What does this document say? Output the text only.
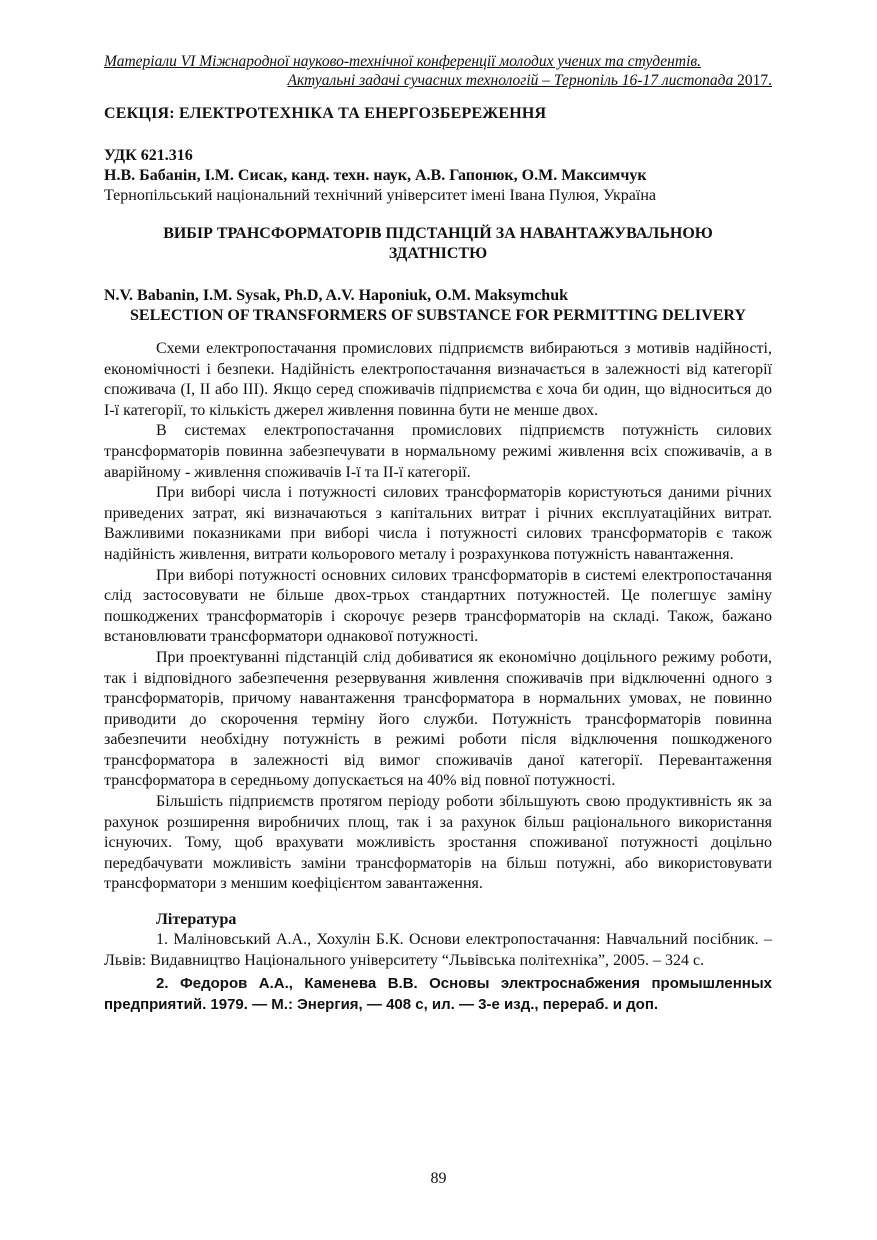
Матеріали VI Міжнародної науково-технічної конференції молодих учених та студентів.
Актуальні задачі сучасних технологій – Тернопіль 16-17 листопада 2017.
СЕКЦІЯ: ЕЛЕКТРОТЕХНІКА ТА ЕНЕРГОЗБЕРЕЖЕННЯ
УДК 621.316
Н.В. Бабанін, І.М. Сисак, канд. техн. наук, А.В. Гапонюк, О.М. Максимчук
Тернопільський національний технічний університет імені Івана Пулюя, Україна
ВИБІР ТРАНСФОРМАТОРІВ ПІДСТАНЦІЙ ЗА НАВАНТАЖУВАЛЬНОЮ ЗДАТНІСТЮ
N.V. Babanin, I.M. Sysak, Ph.D, A.V. Haponiuk, O.M. Maksymchuk
SELECTION OF TRANSFORMERS OF SUBSTANCE FOR PERMITTING DELIVERY

Схеми електропостачання промислових підприємств вибираються з мотивів надійності, економічності і безпеки. Надійність електропостачання визначається в залежності від категорії споживача (І, ІІ або ІІІ). Якщо серед споживачів підприємства є хоча би один, що відноситься до І-ї категорії, то кількість джерел живлення повинна бути не менше двох.

В системах електропостачання промислових підприємств потужність силових трансформаторів повинна забезпечувати в нормальному режимі живлення всіх споживачів, а в аварійному - живлення споживачів І-ї та ІІ-ї категорії.

При виборі числа і потужності силових трансформаторів користуються даними річних приведених затрат, які визначаються з капітальних витрат і річних експлуатаційних витрат. Важливими показниками при виборі числа і потужності силових трансформаторів є також надійність живлення, витрати кольорового металу і розрахункова потужність навантаження.

При виборі потужності основних силових трансформаторів в системі електропостачання слід застосовувати не більше двох-трьох стандартних потужностей. Це полегшує заміну пошкоджених трансформаторів і скорочує резерв трансформаторів на складі. Також, бажано встановлювати трансформатори однакової потужності.

При проектуванні підстанцій слід добиватися як економічно доцільного режиму роботи, так і відповідного забезпечення резервування живлення споживачів при відключенні одного з трансформаторів, причому навантаження трансформатора в нормальних умовах, не повинно приводити до скорочення терміну його служби. Потужність трансформаторів повинна забезпечити необхідну потужність в режимі роботи після відключення пошкодженого трансформатора в залежності від вимог споживачів даної категорії. Перевантаження трансформатора в середньому допускається на 40% від повної потужності.

Більшість підприємств протягом періоду роботи збільшують свою продуктивність як за рахунок розширення виробничих площ, так і за рахунок більш раціонального використання існуючих. Тому, щоб врахувати можливість зростання споживаної потужності доцільно передбачувати можливість заміни трансформаторів на більш потужні, або використовувати трансформатори з меншим коефіцієнтом завантаження.

Література

1. Маліновський А.А., Хохулін Б.К. Основи електропостачання: Навчальний посібник. – Львів: Видавництво Національного університету “Львівська політехніка”, 2005. – 324 с.

2. Федоров А.А., Каменева В.В. Основы электроснабжения промышленных предприятий. 1979. — М.: Энергия, — 408 с, ил. — 3-е изд., перераб. и доп.

89
